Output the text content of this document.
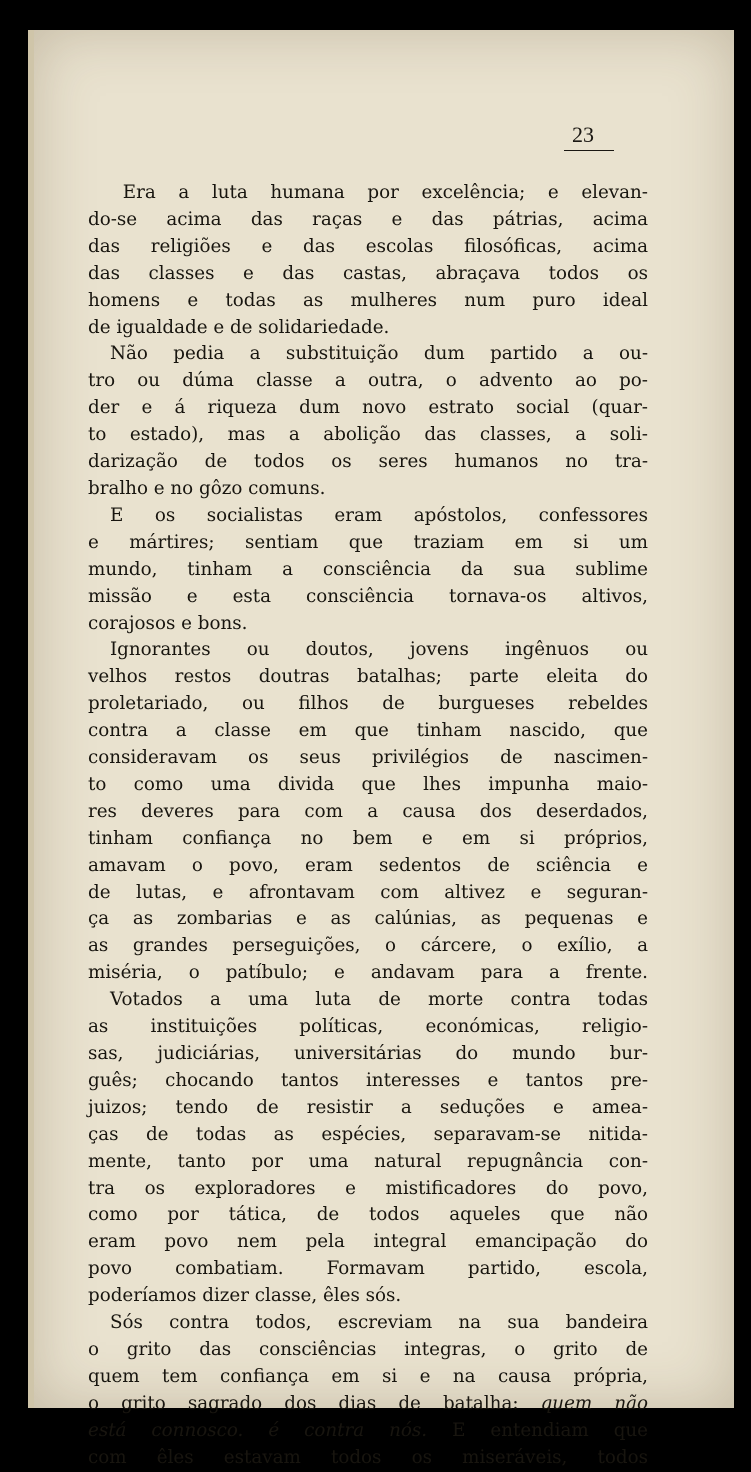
23

Era a luta humana por excelência; e elevan-
do-se acima das raças e das pátrias, acima
das religiões e das escolas filosóficas, acima
das classes e das castas, abraçava todos os
homens e todas as mulheres num puro ideal
de igualdade e de solidariedade.

Não pedia a substituição dum partido a ou-
tro ou dúma classe a outra, o advento ao po-
der e á riqueza dum novo estrato social (quar-
to estado), mas a abolição das classes, a soli-
darização de todos os seres humanos no tra-
bralho e no gôzo comuns.

E os socialistas eram apóstolos, confessores
e mártires; sentiam que traziam em si um
mundo, tinham a consciência da sua sublime
missão e esta consciência tornava-os altivos,
corajosos e bons.

Ignorantes ou doutos, jovens ingênuos ou
velhos restos doutras batalhas; parte eleita do
proletariado, ou filhos de burgueses rebeldes
contra a classe em que tinham nascido, que
consideravam os seus privilégios de nascimen-
to como uma divida que lhes impunha maio-
res deveres para com a causa dos deserdados,
tinham confiança no bem e em si próprios,
amavam o povo, eram sedentos de sciência e
de lutas, e afrontavam com altivez e seguran-
ça as zombarias e as calúnias, as pequenas e
as grandes perseguições, o cárcere, o exílio, a
miséria, o patíbulo; e andavam para a frente.

Votados a uma luta de morte contra todas
as instituições políticas, económicas, religio-
sas, judiciárias, universitárias do mundo bur-
guês; chocando tantos interesses e tantos pre-
juizos; tendo de resistir a seduções e amea-
ças de todas as espécies, separavam-se nitida-
mente, tanto por uma natural repugnância con-
tra os exploradores e mistificadores do povo,
como por tática, de todos aqueles que não
eram povo nem pela integral emancipação do
povo combatiam. Formavam partido, escola,
poderíamos dizer classe, êles sós.

Sós contra todos, escreviam na sua bandeira
o grito das consciências integras, o grito de
quem tem confiança em si e na causa própria,
o grito sagrado dos dias de batalha: quem não
está connosco. é contra nós. E entendiam que
com êles estavam todos os miseráveis, todos
